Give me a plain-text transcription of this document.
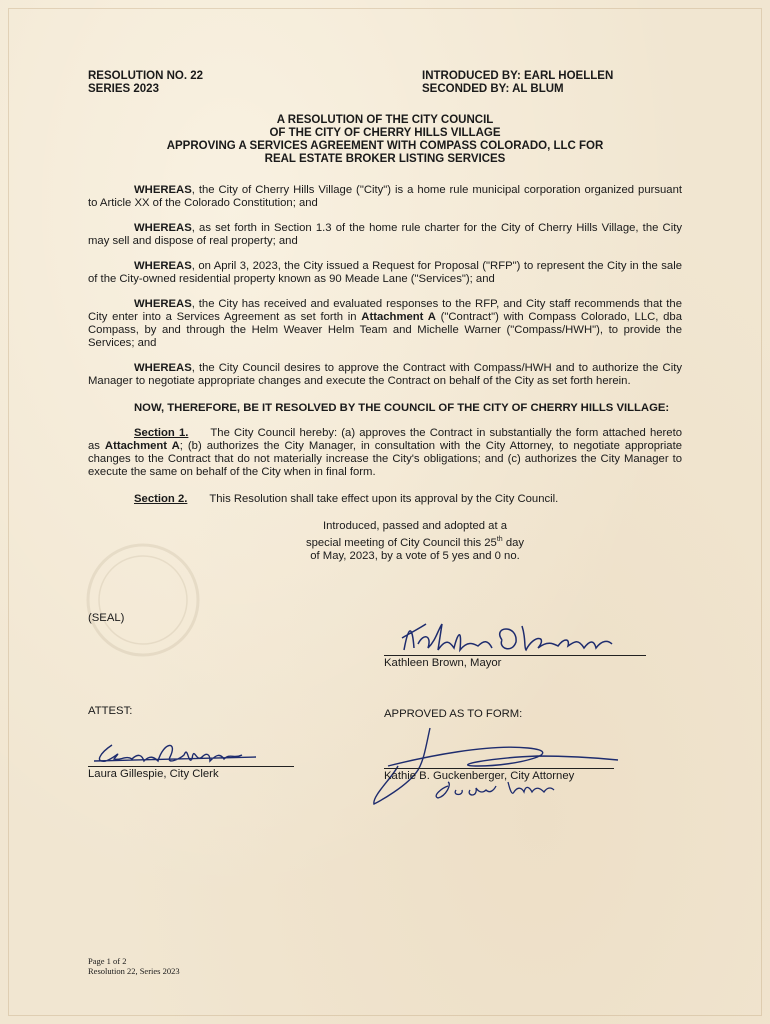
RESOLUTION NO. 22
SERIES 2023
INTRODUCED BY: EARL HOELLEN
SECONDED BY: AL BLUM
A RESOLUTION OF THE CITY COUNCIL
OF THE CITY OF CHERRY HILLS VILLAGE
APPROVING A SERVICES AGREEMENT WITH COMPASS COLORADO, LLC FOR
REAL ESTATE BROKER LISTING SERVICES

WHEREAS, the City of Cherry Hills Village ("City") is a home rule municipal corporation organized pursuant to Article XX of the Colorado Constitution; and

WHEREAS, as set forth in Section 1.3 of the home rule charter for the City of Cherry Hills Village, the City may sell and dispose of real property; and

WHEREAS, on April 3, 2023, the City issued a Request for Proposal ("RFP") to represent the City in the sale of the City-owned residential property known as 90 Meade Lane ("Services"); and

WHEREAS, the City has received and evaluated responses to the RFP, and City staff recommends that the City enter into a Services Agreement as set forth in Attachment A ("Contract") with Compass Colorado, LLC, dba Compass, by and through the Helm Weaver Helm Team and Michelle Warner ("Compass/HWH"), to provide the Services; and

WHEREAS, the City Council desires to approve the Contract with Compass/HWH and to authorize the City Manager to negotiate appropriate changes and execute the Contract on behalf of the City as set forth herein.

NOW, THEREFORE, BE IT RESOLVED BY THE COUNCIL OF THE CITY OF CHERRY HILLS VILLAGE:

Section 1. The City Council hereby: (a) approves the Contract in substantially the form attached hereto as Attachment A; (b) authorizes the City Manager, in consultation with the City Attorney, to negotiate appropriate changes to the Contract that do not materially increase the City's obligations; and (c) authorizes the City Manager to execute the same on behalf of the City when in final form.

Section 2. This Resolution shall take effect upon its approval by the City Council.

Introduced, passed and adopted at a
special meeting of City Council this 25th day
of May, 2023, by a vote of 5 yes and 0 no.
(SEAL)
Kathleen Brown, Mayor
ATTEST:	APPROVED AS TO FORM:
Laura Gillespie, City Clerk	Kathie B. Guckenberger, City Attorney
Page 1 of 2
Resolution 22, Series 2023
